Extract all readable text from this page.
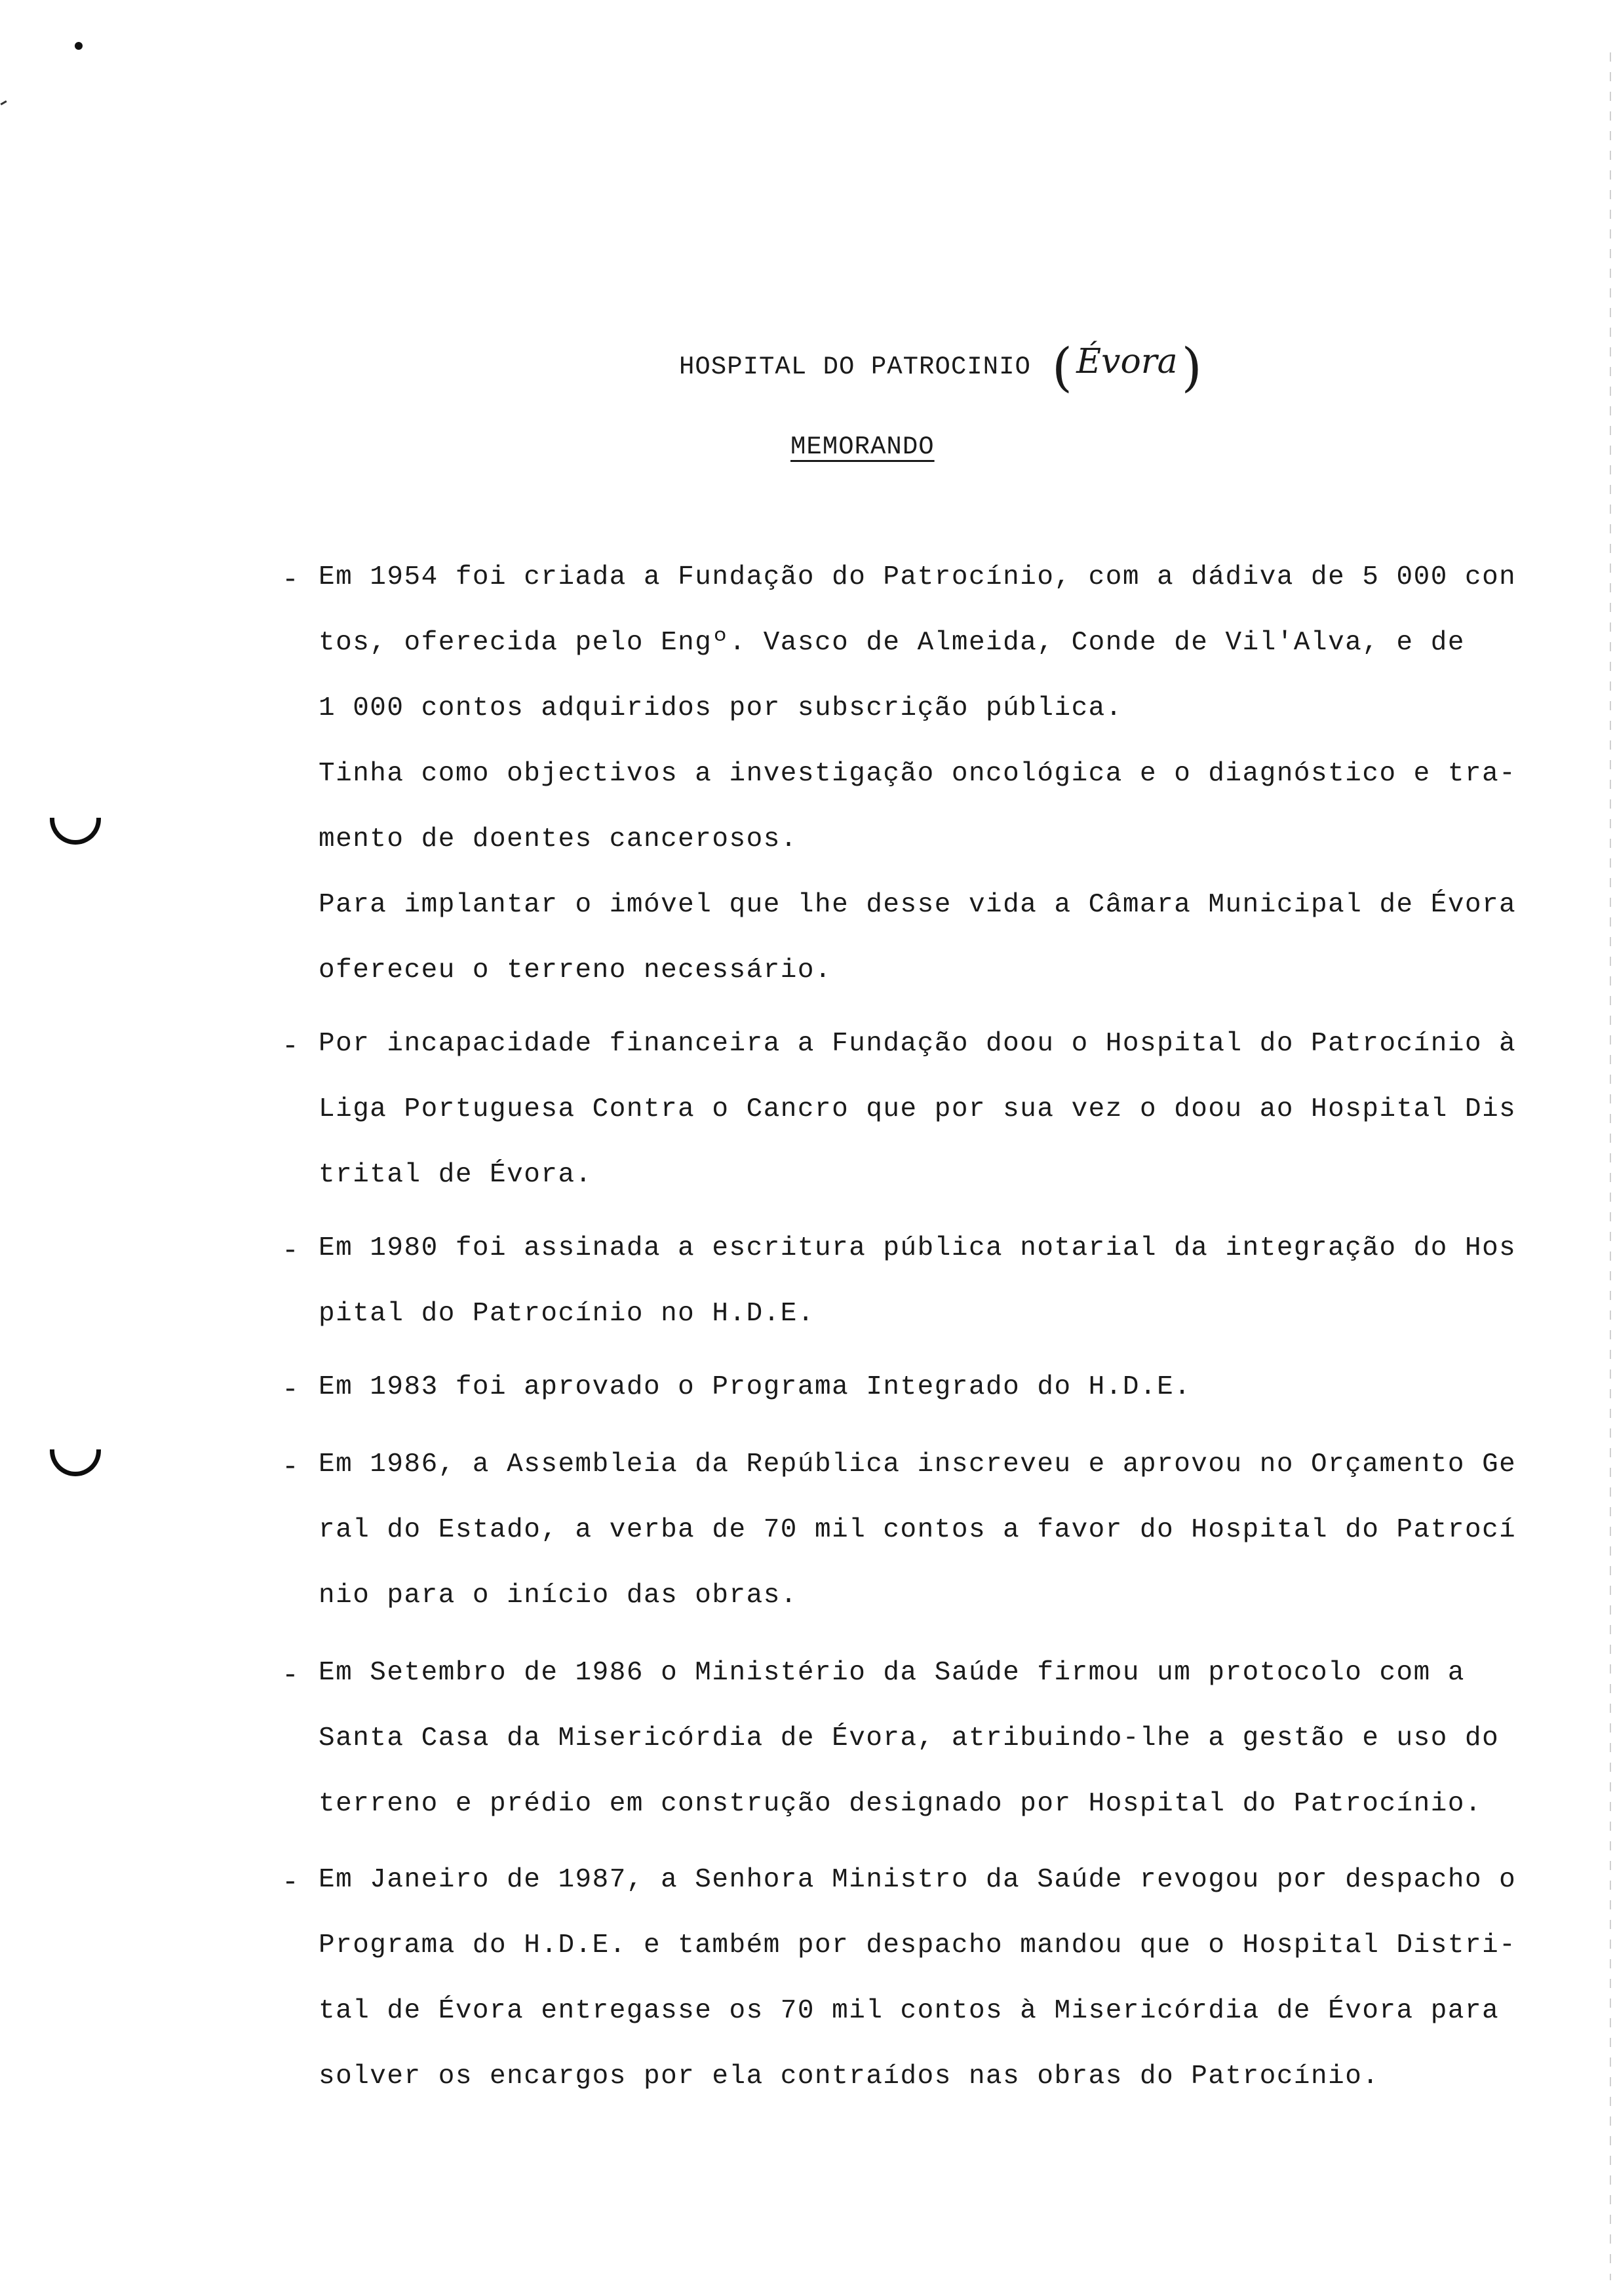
HOSPITAL DO PATROCINIO ( Évora )
MEMORANDO
- Em 1954 foi criada a Fundação do Patrocínio, com a dádiva de 5 000 con
tos, oferecida pelo Engº. Vasco de Almeida, Conde de Vil'Alva, e de
1 000 contos adquiridos por subscrição pública.
Tinha como objectivos a investigação oncológica e o diagnóstico e tra-
mento de doentes cancerosos.
Para implantar o imóvel que lhe desse vida a Câmara Municipal de Évora
ofereceu o terreno necessário.
- Por incapacidade financeira a Fundação doou o Hospital do Patrocínio à
Liga Portuguesa Contra o Cancro que por sua vez o doou ao Hospital Dis
trital de Évora.
- Em 1980 foi assinada a escritura pública notarial da integração do Hos
pital do Patrocínio no H.D.E.
- Em 1983 foi aprovado o Programa Integrado do H.D.E.
- Em 1986, a Assembleia da República inscreveu e aprovou no Orçamento Ge
ral do Estado, a verba de 70 mil contos a favor do Hospital do Patrocí
nio para o início das obras.
- Em Setembro de 1986 o Ministério da Saúde firmou um protocolo com a
Santa Casa da Misericórdia de Évora, atribuindo-lhe a gestão e uso do
terreno e prédio em construção designado por Hospital do Patrocínio.
- Em Janeiro de 1987, a Senhora Ministro da Saúde revogou por despacho o
Programa do H.D.E. e também por despacho mandou que o Hospital Distri-
tal de Évora entregasse os 70 mil contos à Misericórdia de Évora para
solver os encargos por ela contraídos nas obras do Patrocínio.
